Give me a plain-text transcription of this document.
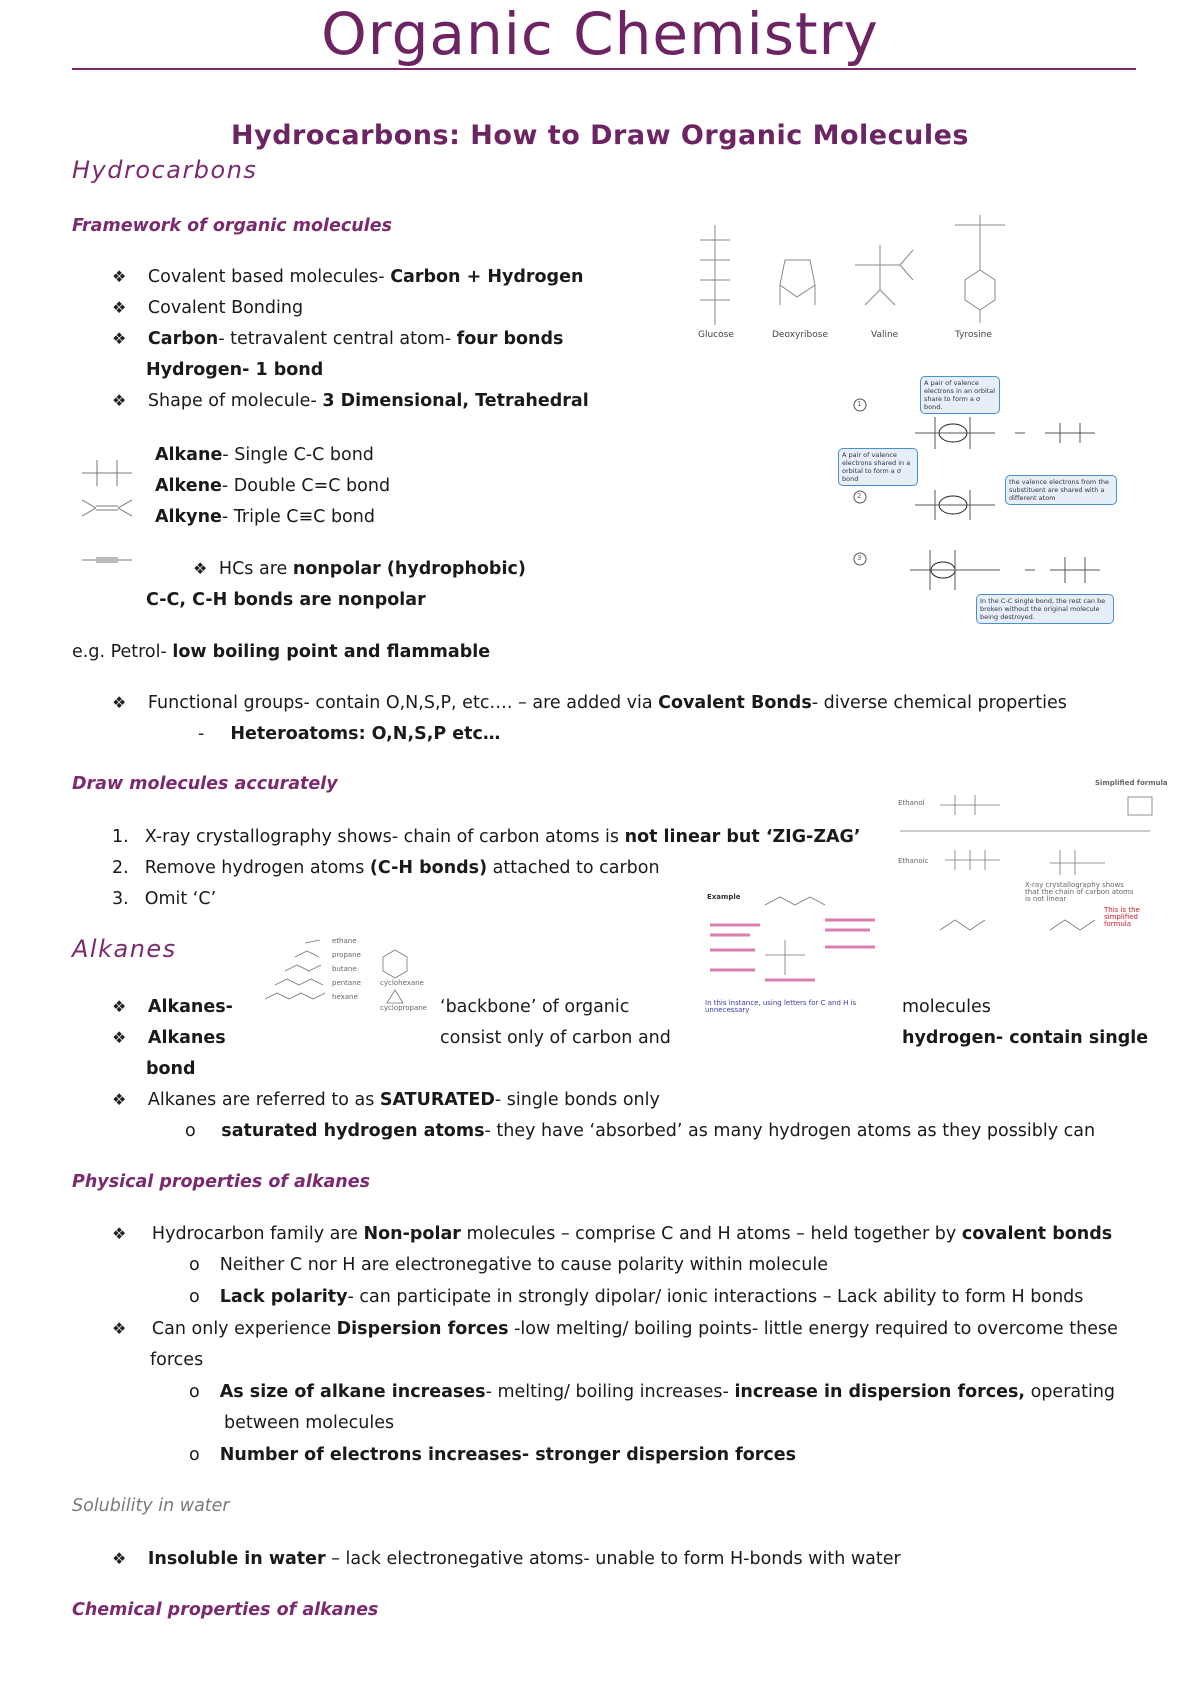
Organic Chemistry
Hydrocarbons: How to Draw Organic Molecules
Hydrocarbons
Framework of organic molecules
❖ Covalent based molecules- Carbon + Hydrogen
❖ Covalent Bonding
❖ Carbon- tetravalent central atom- four bonds
Hydrogen- 1 bond
❖ Shape of molecule- 3 Dimensional, Tetrahedral
Alkane- Single C-C bond
Alkene- Double C=C bond
Alkyne- Triple C≡C bond
❖ HCs are nonpolar (hydrophobic)
C-C, C-H bonds are nonpolar
e.g. Petrol- low boiling point and flammable
❖ Functional groups- contain O,N,S,P, etc…. – are added via Covalent Bonds- diverse chemical properties
- Heteroatoms: O,N,S,P etc…
Glucose	Deoxyribose	Valine	Tyrosine
1
2
3
A pair of valence electrons in an orbital share to form a σ bond.
A pair of valence electrons shared in a orbital to form a σ bond	the valence electrons from the substituent are shared with a different atom
In the C-C single bond, the rest can be broken without the original molecule being destroyed.
Draw molecules accurately
1. X-ray crystallography shows- chain of carbon atoms is not linear but ‘ZIG-ZAG’
2. Remove hydrogen atoms (C-H bonds) attached to carbon
3. Omit ‘C’
Simplified formula
Ethanol
Ethanoic
This is the simplified formula
X-ray crystallography shows that the chain of carbon atoms is not linear
Example
In this instance, using letters for C and H is unnecessary
Alkanes	ethane
propane
butane
pentane
hexane
cyclohexane
cyclopropane
❖ Alkanes-	‘backbone’ of organic	molecules
❖ Alkanes	consist only of carbon and	hydrogen- contain single
bond
❖ Alkanes are referred to as SATURATED- single bonds only
o saturated hydrogen atoms- they have ‘absorbed’ as many hydrogen atoms as they possibly can
Physical properties of alkanes
❖ Hydrocarbon family are Non-polar molecules – comprise C and H atoms – held together by covalent bonds
o Neither C nor H are electronegative to cause polarity within molecule
o Lack polarity- can participate in strongly dipolar/ ionic interactions – Lack ability to form H bonds
❖ Can only experience Dispersion forces -low melting/ boiling points- little energy required to overcome these
forces
o As size of alkane increases- melting/ boiling increases- increase in dispersion forces, operating
between molecules
o Number of electrons increases- stronger dispersion forces
Solubility in water
❖ Insoluble in water – lack electronegative atoms- unable to form H-bonds with water
Chemical properties of alkanes
